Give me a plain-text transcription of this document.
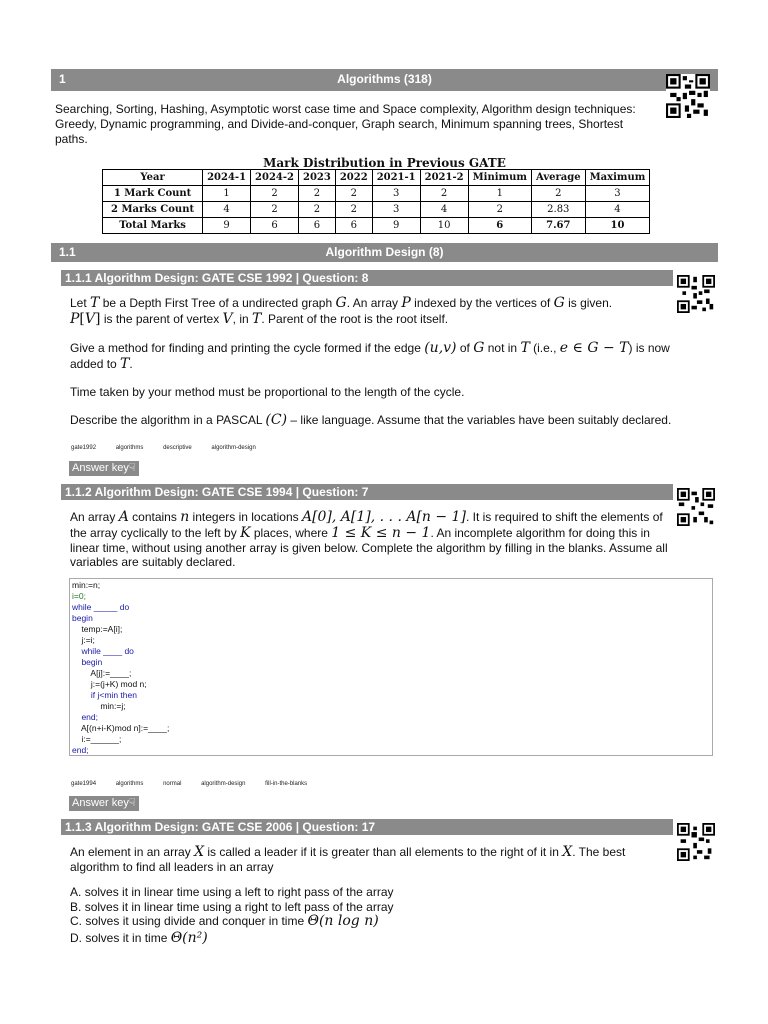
1	Algorithms (318)
Searching, Sorting, Hashing, Asymptotic worst case time and Space complexity, Algorithm design techniques: Greedy, Dynamic programming, and Divide-and-conquer, Graph search, Minimum spanning trees, Shortest paths.
Mark Distribution in Previous GATE
Year	2024-1	2024-2	2023	2022	2021-1	2021-2	Minimum	Average	Maximum
1 Mark Count	1	2	2	2	3	2	1	2	3
2 Marks Count	4	2	2	2	3	4	2	2.83	4
Total Marks	9	6	6	6	9	10	6	7.67	10
1.1	Algorithm Design (8)
1.1.1 Algorithm Design: GATE CSE 1992 | Question: 8
Let T be a Depth First Tree of a undirected graph G. An array P indexed by the vertices of G is given.
P[V] is the parent of vertex V, in T. Parent of the root is the root itself.
Give a method for finding and printing the cycle formed if the edge (u,v) of G not in T (i.e., e ∈ G − T) is now
added to T.
Time taken by your method must be proportional to the length of the cycle.
Describe the algorithm in a PASCAL (C) – like language. Assume that the variables have been suitably declared.
gate1992	algorithms	descriptive	algorithm-design
Answer key☟
1.1.2 Algorithm Design: GATE CSE 1994 | Question: 7
An array A contains n integers in locations A[0], A[1], . . . A[n − 1]. It is required to shift the elements of
the array cyclically to the left by K places, where 1 ≤ K ≤ n − 1. An incomplete algorithm for doing this in
linear time, without using another array is given below. Complete the algorithm by filling in the blanks. Assume all
variables are suitably declared.
min:=n;
i=0;
while _____ do
begin
temp:=A[i];
j:=i;
while ____ do
begin
A[j]:=____;
j:=(j+K) mod n;
if j<min then
min:=j;
end;
A[(n+i-K)mod n]:=____;
i:=______;
end;
gate1994	algorithms	normal	algorithm-design	fill-in-the-blanks
Answer key☟
1.1.3 Algorithm Design: GATE CSE 2006 | Question: 17
An element in an array X is called a leader if it is greater than all elements to the right of it in X. The best
algorithm to find all leaders in an array
A. solves it in linear time using a left to right pass of the array
B. solves it in linear time using a right to left pass of the array
C. solves it using divide and conquer in time Θ(n log n)
D. solves it in time Θ(n²)
